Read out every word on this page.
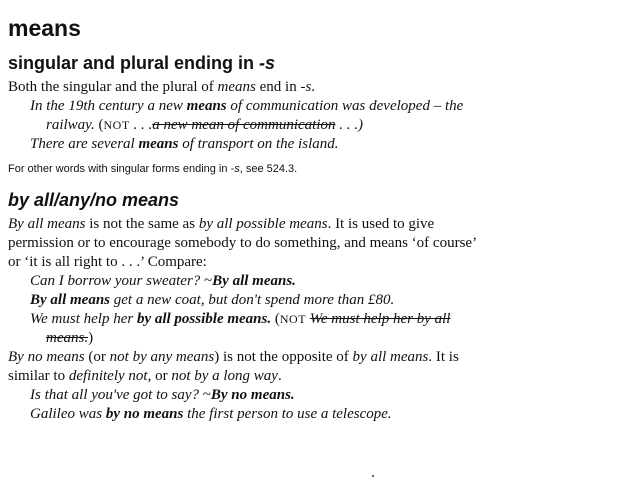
means
singular and plural ending in -s

Both the singular and the plural of means end in -s.

In the 19th century a new means of communication was developed – the

railway. (NOT . . .a new mean of communication . . .)

There are several means of transport on the island.

For other words with singular forms ending in -s, see 524.3.
by all/any/no means

By all means is not the same as by all possible means. It is used to give

permission or to encourage somebody to do something, and means ‘of course’

or ‘it is all right to . . .’ Compare:

Can I borrow your sweater? ~By all means.

By all means get a new coat, but don't spend more than £80.

We must help her by all possible means. (NOT We must help her by all

means.)

By no means (or not by any means) is not the opposite of by all means. It is

similar to definitely not, or not by a long way.

Is that all you've got to say? ~By no means.

Galileo was by no means the first person to use a telescope.
